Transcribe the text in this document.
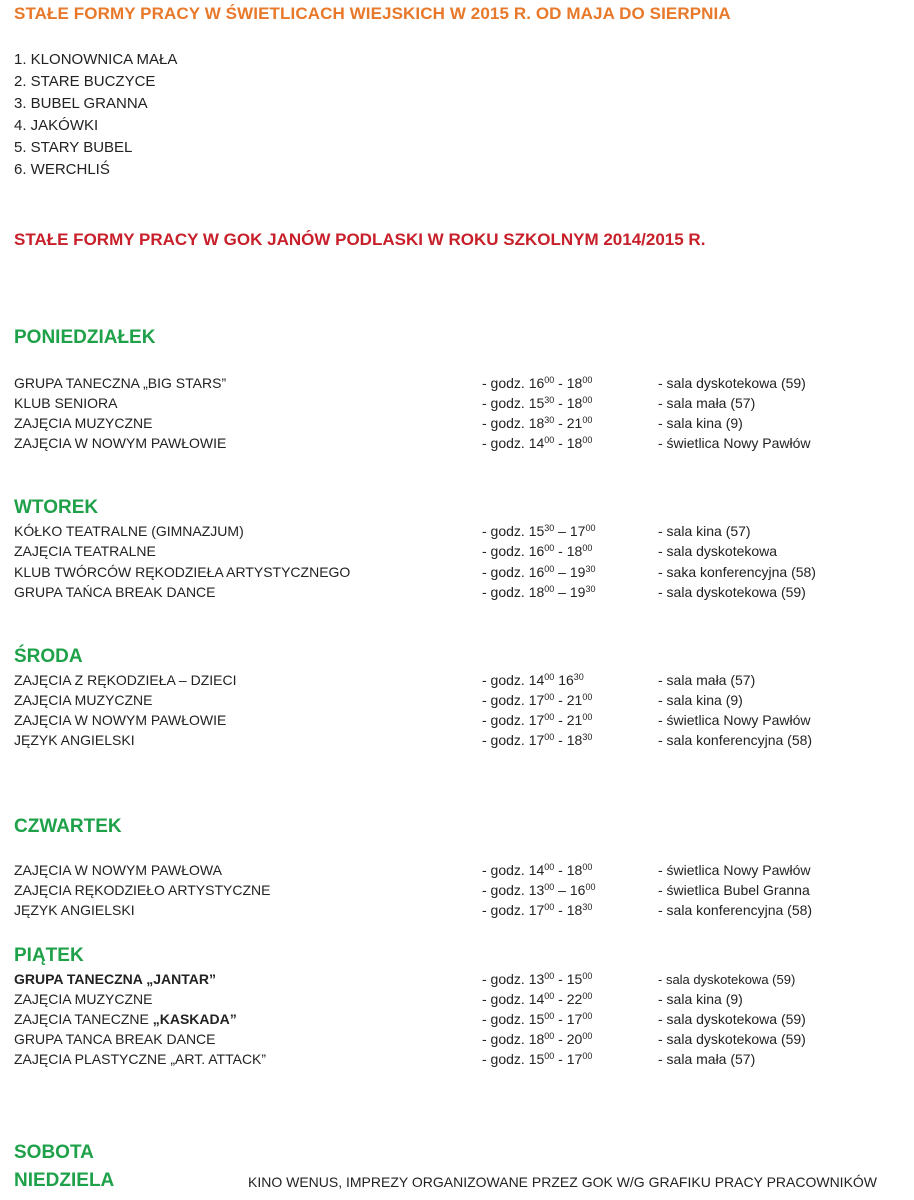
STAŁE FORMY PRACY W ŚWIETLICACH WIEJSKICH W 2015 R. OD MAJA DO SIERPNIA
1. KLONOWNICA MAŁA
2. STARE BUCZYCE
3. BUBEL GRANNA
4. JAKÓWKI
5. STARY BUBEL
6. WERCHLIŚ
STAŁE FORMY PRACY W GOK JANÓW PODLASKI W ROKU SZKOLNYM 2014/2015 R.
PONIEDZIAŁEK
GRUPA TANECZNA „BIG STARS”	- godz. $16^{00} - 18^{00}$	- sala dyskotekowa (59)
KLUB SENIORA	- godz. $15^{30} - 18^{00}$	- sala mała (57)
ZAJĘCIA MUZYCZNE	- godz. $18^{30} - 21^{00}$	- sala kina (9)
ZAJĘCIA W NOWYM PAWŁOWIE	- godz. $14^{00} - 18^{00}$	- świetlica Nowy Pawłów
WTOREK
KÓŁKO TEATRALNE (GIMNAZJUM)	- godz. $15^{30} - 17^{00}$	- sala kina (57)
ZAJĘCIA TEATRALNE	- godz. $16^{00} - 18^{00}$	- sala dyskotekowa
KLUB TWÓRCÓW RĘKODZIEŁA ARTYSTYCZNEGO	- godz. $16^{00} - 19^{30}$	- saka konferencyjna (58)
GRUPA TAŃCA BREAK DANCE	- godz. $18^{00} - 19^{30}$	- sala dyskotekowa (59)
ŚRODA
ZAJĘCIA Z RĘKODZIEŁA – DZIECI	- godz. $14^{00}$ $16^{30}$	- sala mała (57)
ZAJĘCIA MUZYCZNE	- godz. $17^{00} - 21^{00}$	- sala kina (9)
ZAJĘCIA W NOWYM PAWŁOWIE	- godz. $17^{00} - 21^{00}$	- świetlica Nowy Pawłów
JĘZYK ANGIELSKI	- godz. $17^{00} - 18^{30}$	- sala konferencyjna (58)
CZWARTEK
ZAJĘCIA W NOWYM PAWŁOWA	- godz. $14^{00} - 18^{00}$	- świetlica Nowy Pawłów
ZAJĘCIA RĘKODZIEŁO ARTYSTYCZNE	- godz. $13^{00} - 16^{00}$	- świetlica Bubel Granna
JĘZYK ANGIELSKI	- godz. $17^{00} - 18^{30}$	- sala konferencyjna (58)
PIĄTEK
GRUPA TANECZNA „JANTAR”	- godz. $13^{00} - 15^{00}$	- sala dyskotekowa (59)
ZAJĘCIA MUZYCZNE	- godz. $14^{00} - 22^{00}$	- sala kina (9)
ZAJĘCIA TANECZNE „KASKADA”	- godz. $15^{00} - 17^{00}$	- sala dyskotekowa (59)
GRUPA TANCA BREAK DANCE	- godz. $18^{00} - 20^{00}$	- sala dyskotekowa (59)
ZAJĘCIA PLASTYCZNE „ART. ATTACK”	- godz. $15^{00} - 17^{00}$	- sala mała (57)
SOBOTA
NIEDZIELA	KINO WENUS, IMPREZY ORGANIZOWANE PRZEZ GOK W/G GRAFIKU PRACY PRACOWNIKÓW
